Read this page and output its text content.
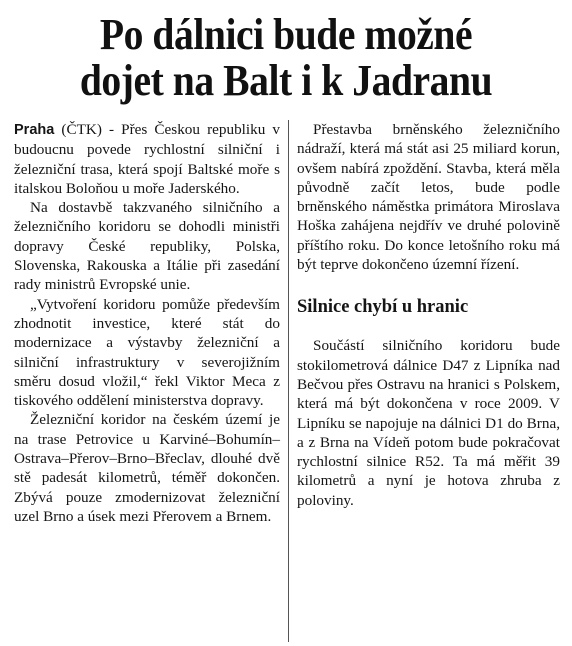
Po dálnici bude možné
dojet na Balt i k Jadranu

Praha (ČTK) - Přes Českou republiku v budoucnu povede rychlostní silniční i železniční trasa, která spojí Baltské moře s italskou Boloňou u moře Jaderského.

Na dostavbě takzvaného silničního a železničního koridoru se dohodli ministři dopravy České republiky, Polska, Slovenska, Rakouska a Itálie při zasedání rady ministrů Evropské unie.

„Vytvoření koridoru pomůže především zhodnotit investice, které stát do modernizace a výstavby železniční a silniční infrastruktury v severojižním směru dosud vložil,“ řekl Viktor Meca z tiskového oddělení ministerstva dopravy.

Železniční koridor na českém území je na trase Petrovice u Karviné–Bohumín–Ostrava–Přerov–Brno–Břeclav, dlouhé dvě stě padesát kilometrů, téměř dokončen. Zbývá pouze zmodernizovat železniční uzel Brno a úsek mezi Přerovem a Brnem.

Přestavba brněnského železničního nádraží, která má stát asi 25 miliard korun, ovšem nabírá zpoždění. Stavba, která měla původně začít letos, bude podle brněnského náměstka primátora Miroslava Hoška zahájena nejdřív ve druhé polovině příštího roku. Do konce letošního roku má být teprve dokončeno územní řízení.

Silnice chybí u hranic

Součástí silničního koridoru bude stokilometrová dálnice D47 z Lipníka nad Bečvou přes Ostravu na hranici s Polskem, která má být dokončena v roce 2009. V Lipníku se napojuje na dálnici D1 do Brna, a z Brna na Vídeň potom bude pokračovat rychlostní silnice R52. Ta má měřit 39 kilometrů a nyní je hotova zhruba z poloviny.
